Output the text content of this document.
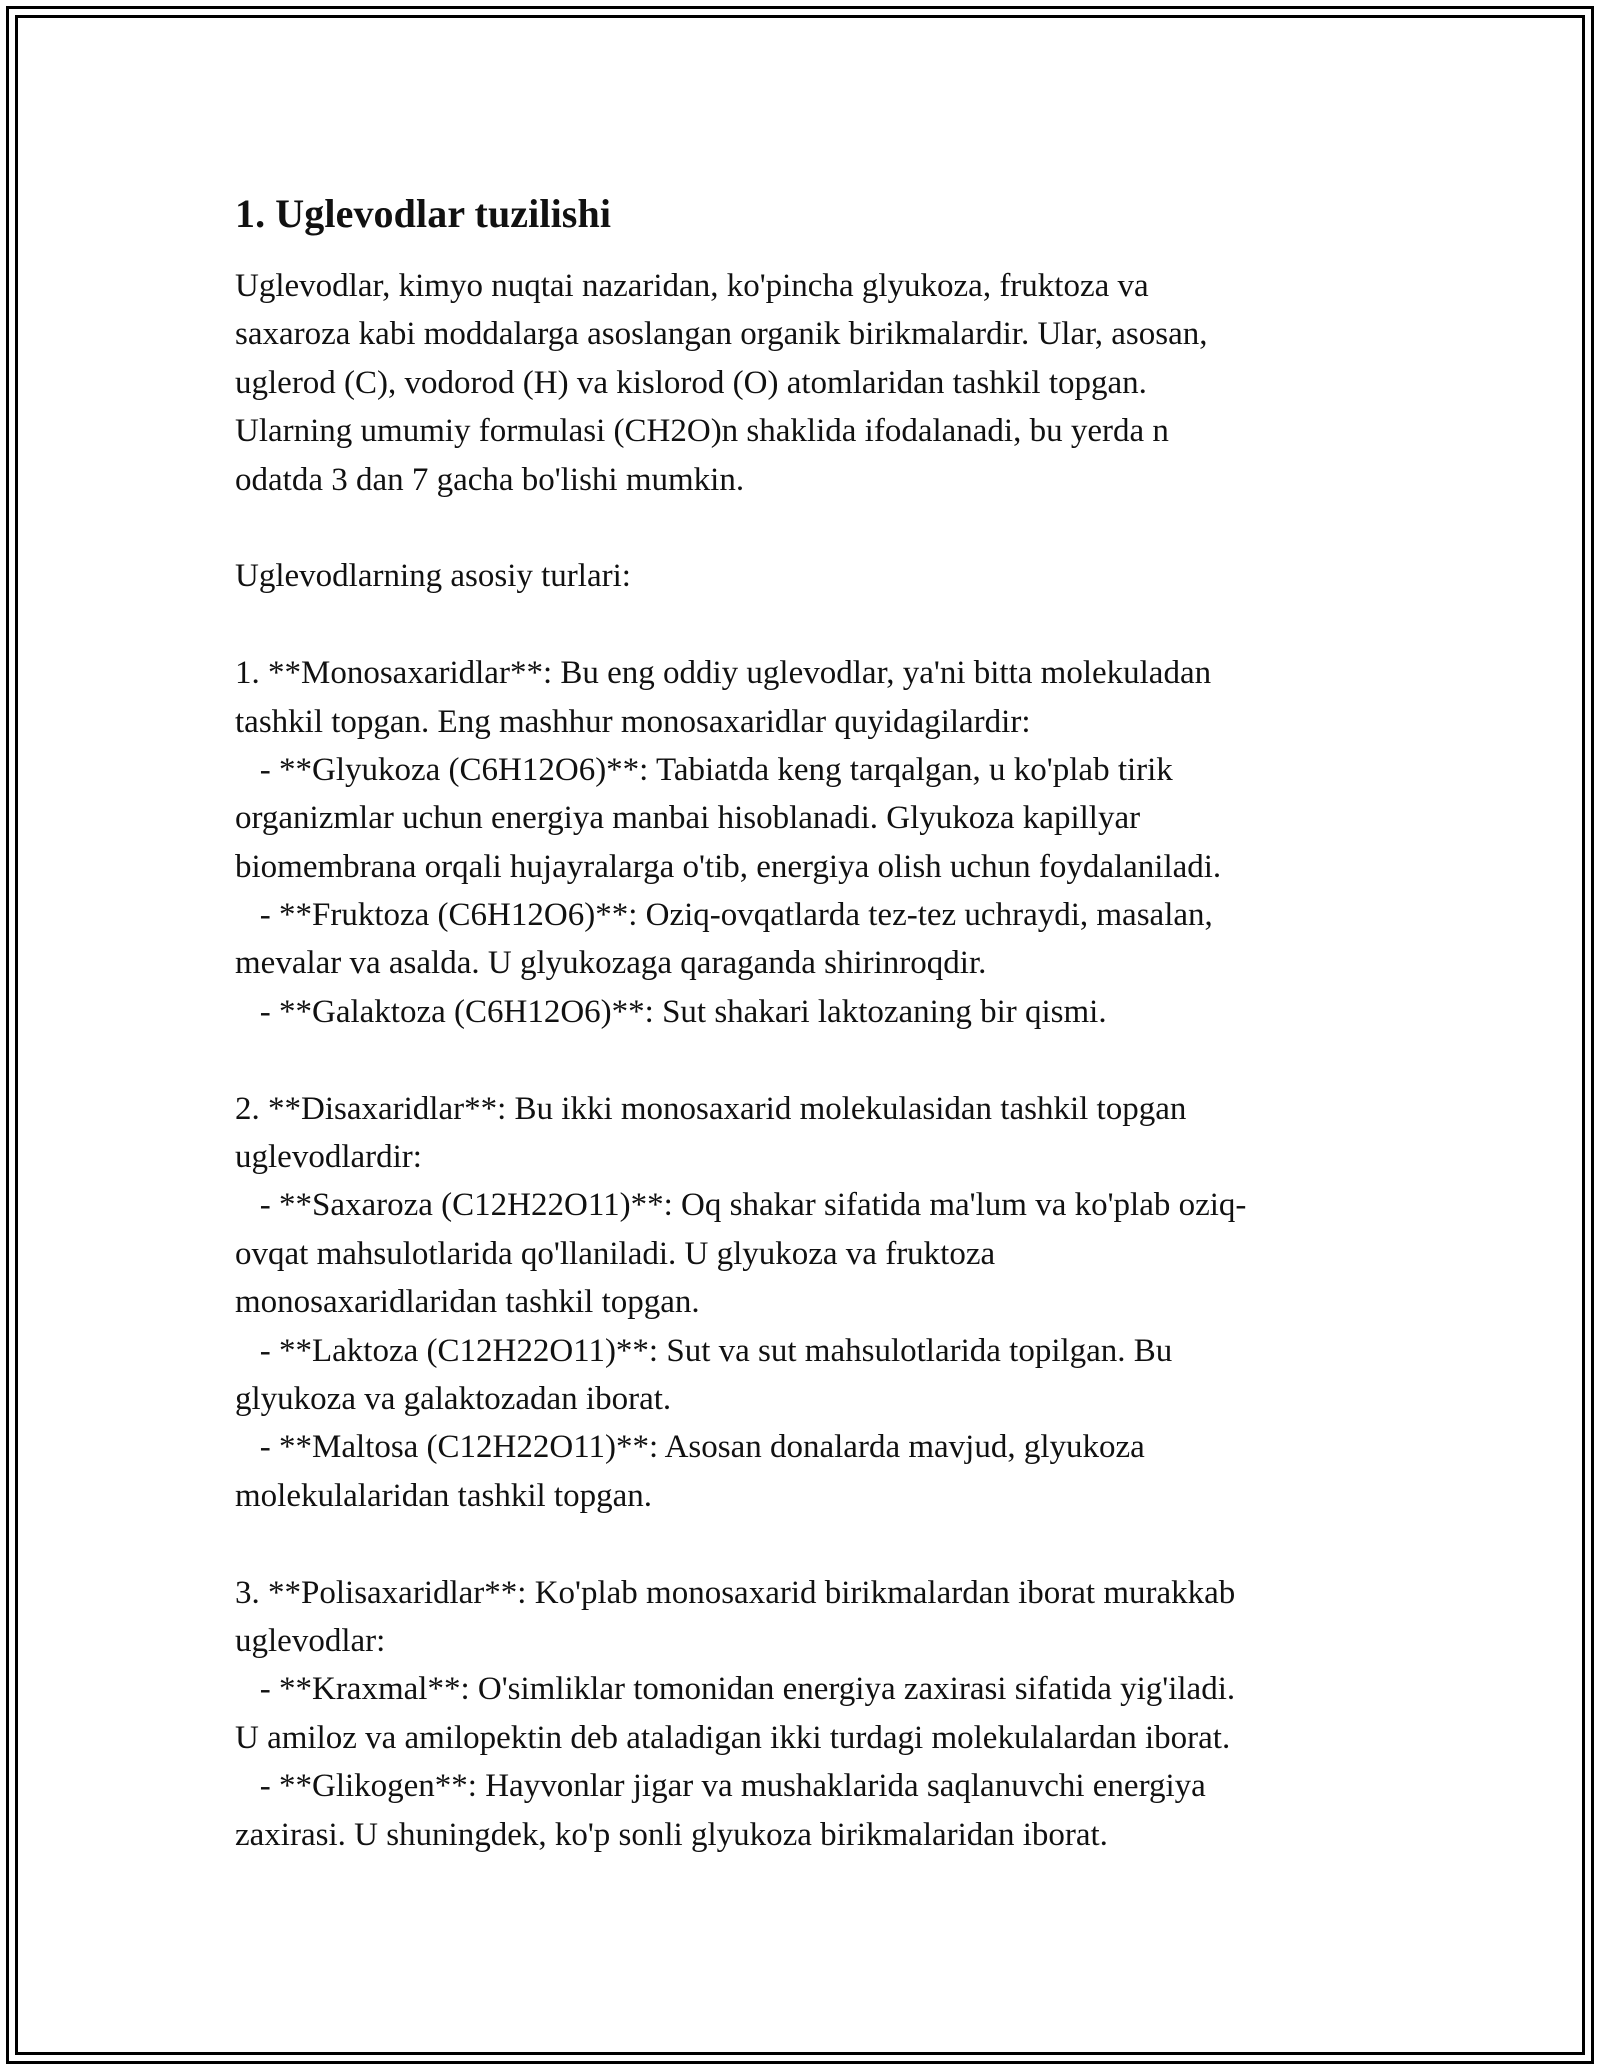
1. Uglevodlar tuzilishi
Uglevodlar, kimyo nuqtai nazaridan, ko'pincha glyukoza, fruktoza va
saxaroza kabi moddalarga asoslangan organik birikmalardir. Ular, asosan,
uglerod (C), vodorod (H) va kislorod (O) atomlaridan tashkil topgan.
Ularning umumiy formulasi (CH2O)n shaklida ifodalanadi, bu yerda n
odatda 3 dan 7 gacha bo'lishi mumkin.
Uglevodlarning asosiy turlari:
1. **Monosaxaridlar**: Bu eng oddiy uglevodlar, ya'ni bitta molekuladan
tashkil topgan. Eng mashhur monosaxaridlar quyidagilardir:
- **Glyukoza (C6H12O6)**: Tabiatda keng tarqalgan, u ko'plab tirik
organizmlar uchun energiya manbai hisoblanadi. Glyukoza kapillyar
biomembrana orqali hujayralarga o'tib, energiya olish uchun foydalaniladi.
- **Fruktoza (C6H12O6)**: Oziq-ovqatlarda tez-tez uchraydi, masalan,
mevalar va asalda. U glyukozaga qaraganda shirinroqdir.
- **Galaktoza (C6H12O6)**: Sut shakari laktozaning bir qismi.
2. **Disaxaridlar**: Bu ikki monosaxarid molekulasidan tashkil topgan
uglevodlardir:
- **Saxaroza (C12H22O11)**: Oq shakar sifatida ma'lum va ko'plab oziq-
ovqat mahsulotlarida qo'llaniladi. U glyukoza va fruktoza
monosaxaridlaridan tashkil topgan.
- **Laktoza (C12H22O11)**: Sut va sut mahsulotlarida topilgan. Bu
glyukoza va galaktozadan iborat.
- **Maltosa (C12H22O11)**: Asosan donalarda mavjud, glyukoza
molekulalaridan tashkil topgan.
3. **Polisaxaridlar**: Ko'plab monosaxarid birikmalardan iborat murakkab
uglevodlar:
- **Kraxmal**: O'simliklar tomonidan energiya zaxirasi sifatida yig'iladi.
U amiloz va amilopektin deb ataladigan ikki turdagi molekulalardan iborat.
- **Glikogen**: Hayvonlar jigar va mushaklarida saqlanuvchi energiya
zaxirasi. U shuningdek, ko'p sonli glyukoza birikmalaridan iborat.
